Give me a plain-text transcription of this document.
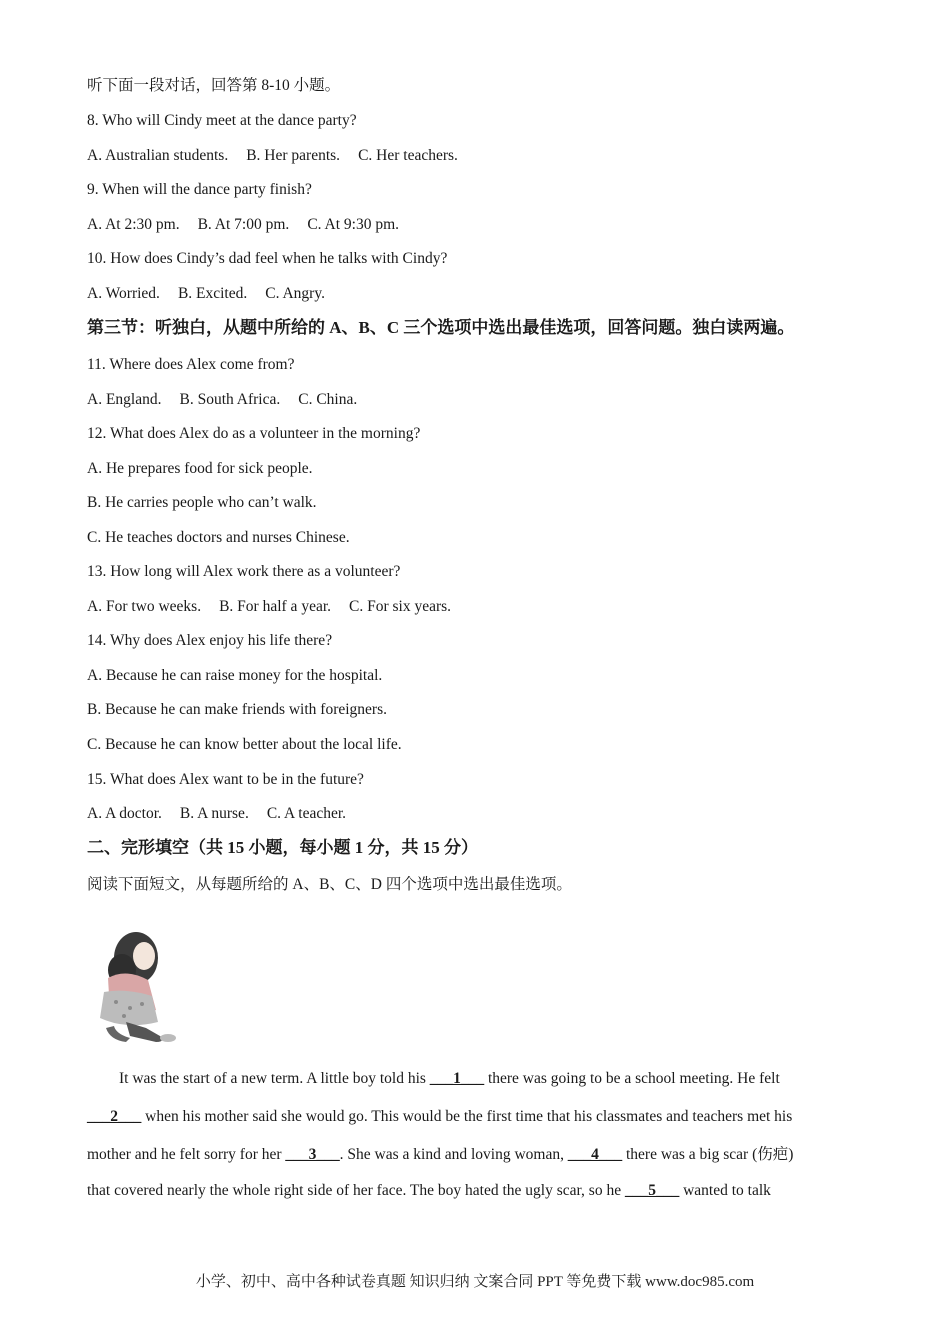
听下面一段对话，回答第 8-10 小题。
8. Who will Cindy meet at the dance party?
A. Australian students. B. Her parents. C. Her teachers.
9. When will the dance party finish?
A. At 2:30 pm. B. At 7:00 pm. C. At 9:30 pm.
10. How does Cindy’s dad feel when he talks with Cindy?
A. Worried. B. Excited. C. Angry.
第三节：听独白，从题中所给的 A、B、C 三个选项中选出最佳选项，回答问题。独白读两遍。
11. Where does Alex come from?
A. England. B. South Africa. C. China.
12. What does Alex do as a volunteer in the morning?
A. He prepares food for sick people.
B. He carries people who can’t walk.
C. He teaches doctors and nurses Chinese.
13. How long will Alex work there as a volunteer?
A. For two weeks. B. For half a year. C. For six years.
14. Why does Alex enjoy his life there?
A. Because he can raise money for the hospital.
B. Because he can make friends with foreigners.
C. Because he can know better about the local life.
15. What does Alex want to be in the future?
A. A doctor. B. A nurse. C. A teacher.
二、完形填空（共 15 小题，每小题 1 分，共 15 分）
阅读下面短文，从每题所给的 A、B、C、D 四个选项中选出最佳选项。
It was the start of a new term. A little boy told his ___1___ there was going to be a school meeting. He felt
___2___ when his mother said she would go. This would be the first time that his classmates and teachers met his
mother and he felt sorry for her ___3___. She was a kind and loving woman, ___4___ there was a big scar (伤疤)
that covered nearly the whole right side of her face. The boy hated the ugly scar, so he ___5___ wanted to talk
小学、初中、高中各种试卷真题 知识归纳 文案合同 PPT 等免费下载 www.doc985.com
